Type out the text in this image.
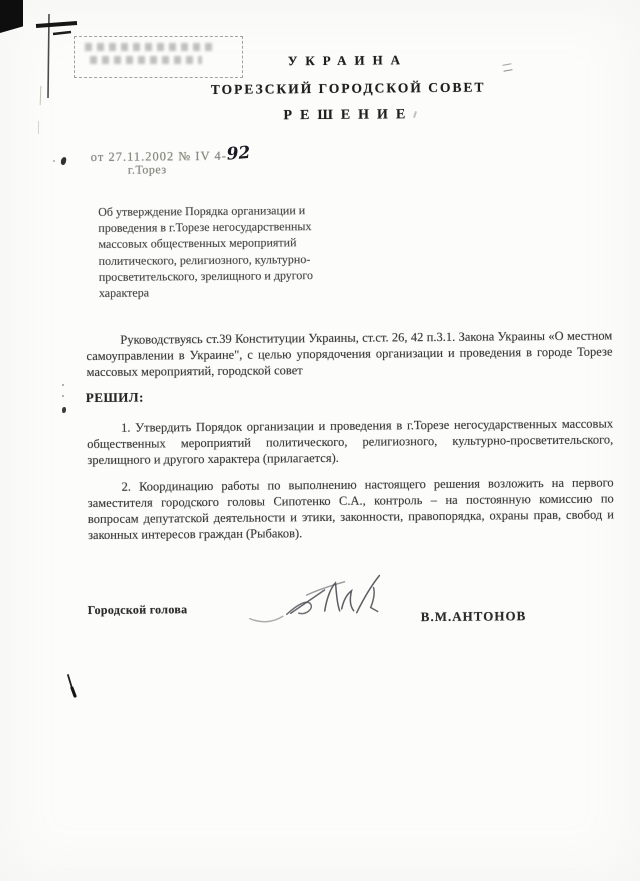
УКРАИНА
ТОРЕЗСКИЙ ГОРОДСКОЙ СОВЕТ
РЕШЕНИЕ
от 27.11.2002 № IV 4-92
г.Торез
Об утверждение Порядка организации и проведения в г.Торезе негосударственных массовых общественных мероприятий политического, религиозного, культурно-просветительского, зрелищного и другого характера
Руководствуясь ст.39 Конституции Украины, ст.ст. 26, 42 п.3.1. Закона Украины «О местном самоуправлении в Украине", с целью упорядочения организации и проведения в городе Торезе массовых мероприятий, городской совет
РЕШИЛ:
1. Утвердить Порядок организации и проведения в г.Торезе негосударственных массовых общественных мероприятий политического, религиозного, культурно-просветительского, зрелищного и другого характера (прилагается).
2. Координацию работы по выполнению настоящего решения возложить на первого заместителя городского головы Сипотенко С.А., контроль – на постоянную комиссию по вопросам депутатской деятельности и этики, законности, правопорядка, охраны прав, свобод и законных интересов граждан (Рыбаков).
Городской голова	В.М.АНТОНОВ
